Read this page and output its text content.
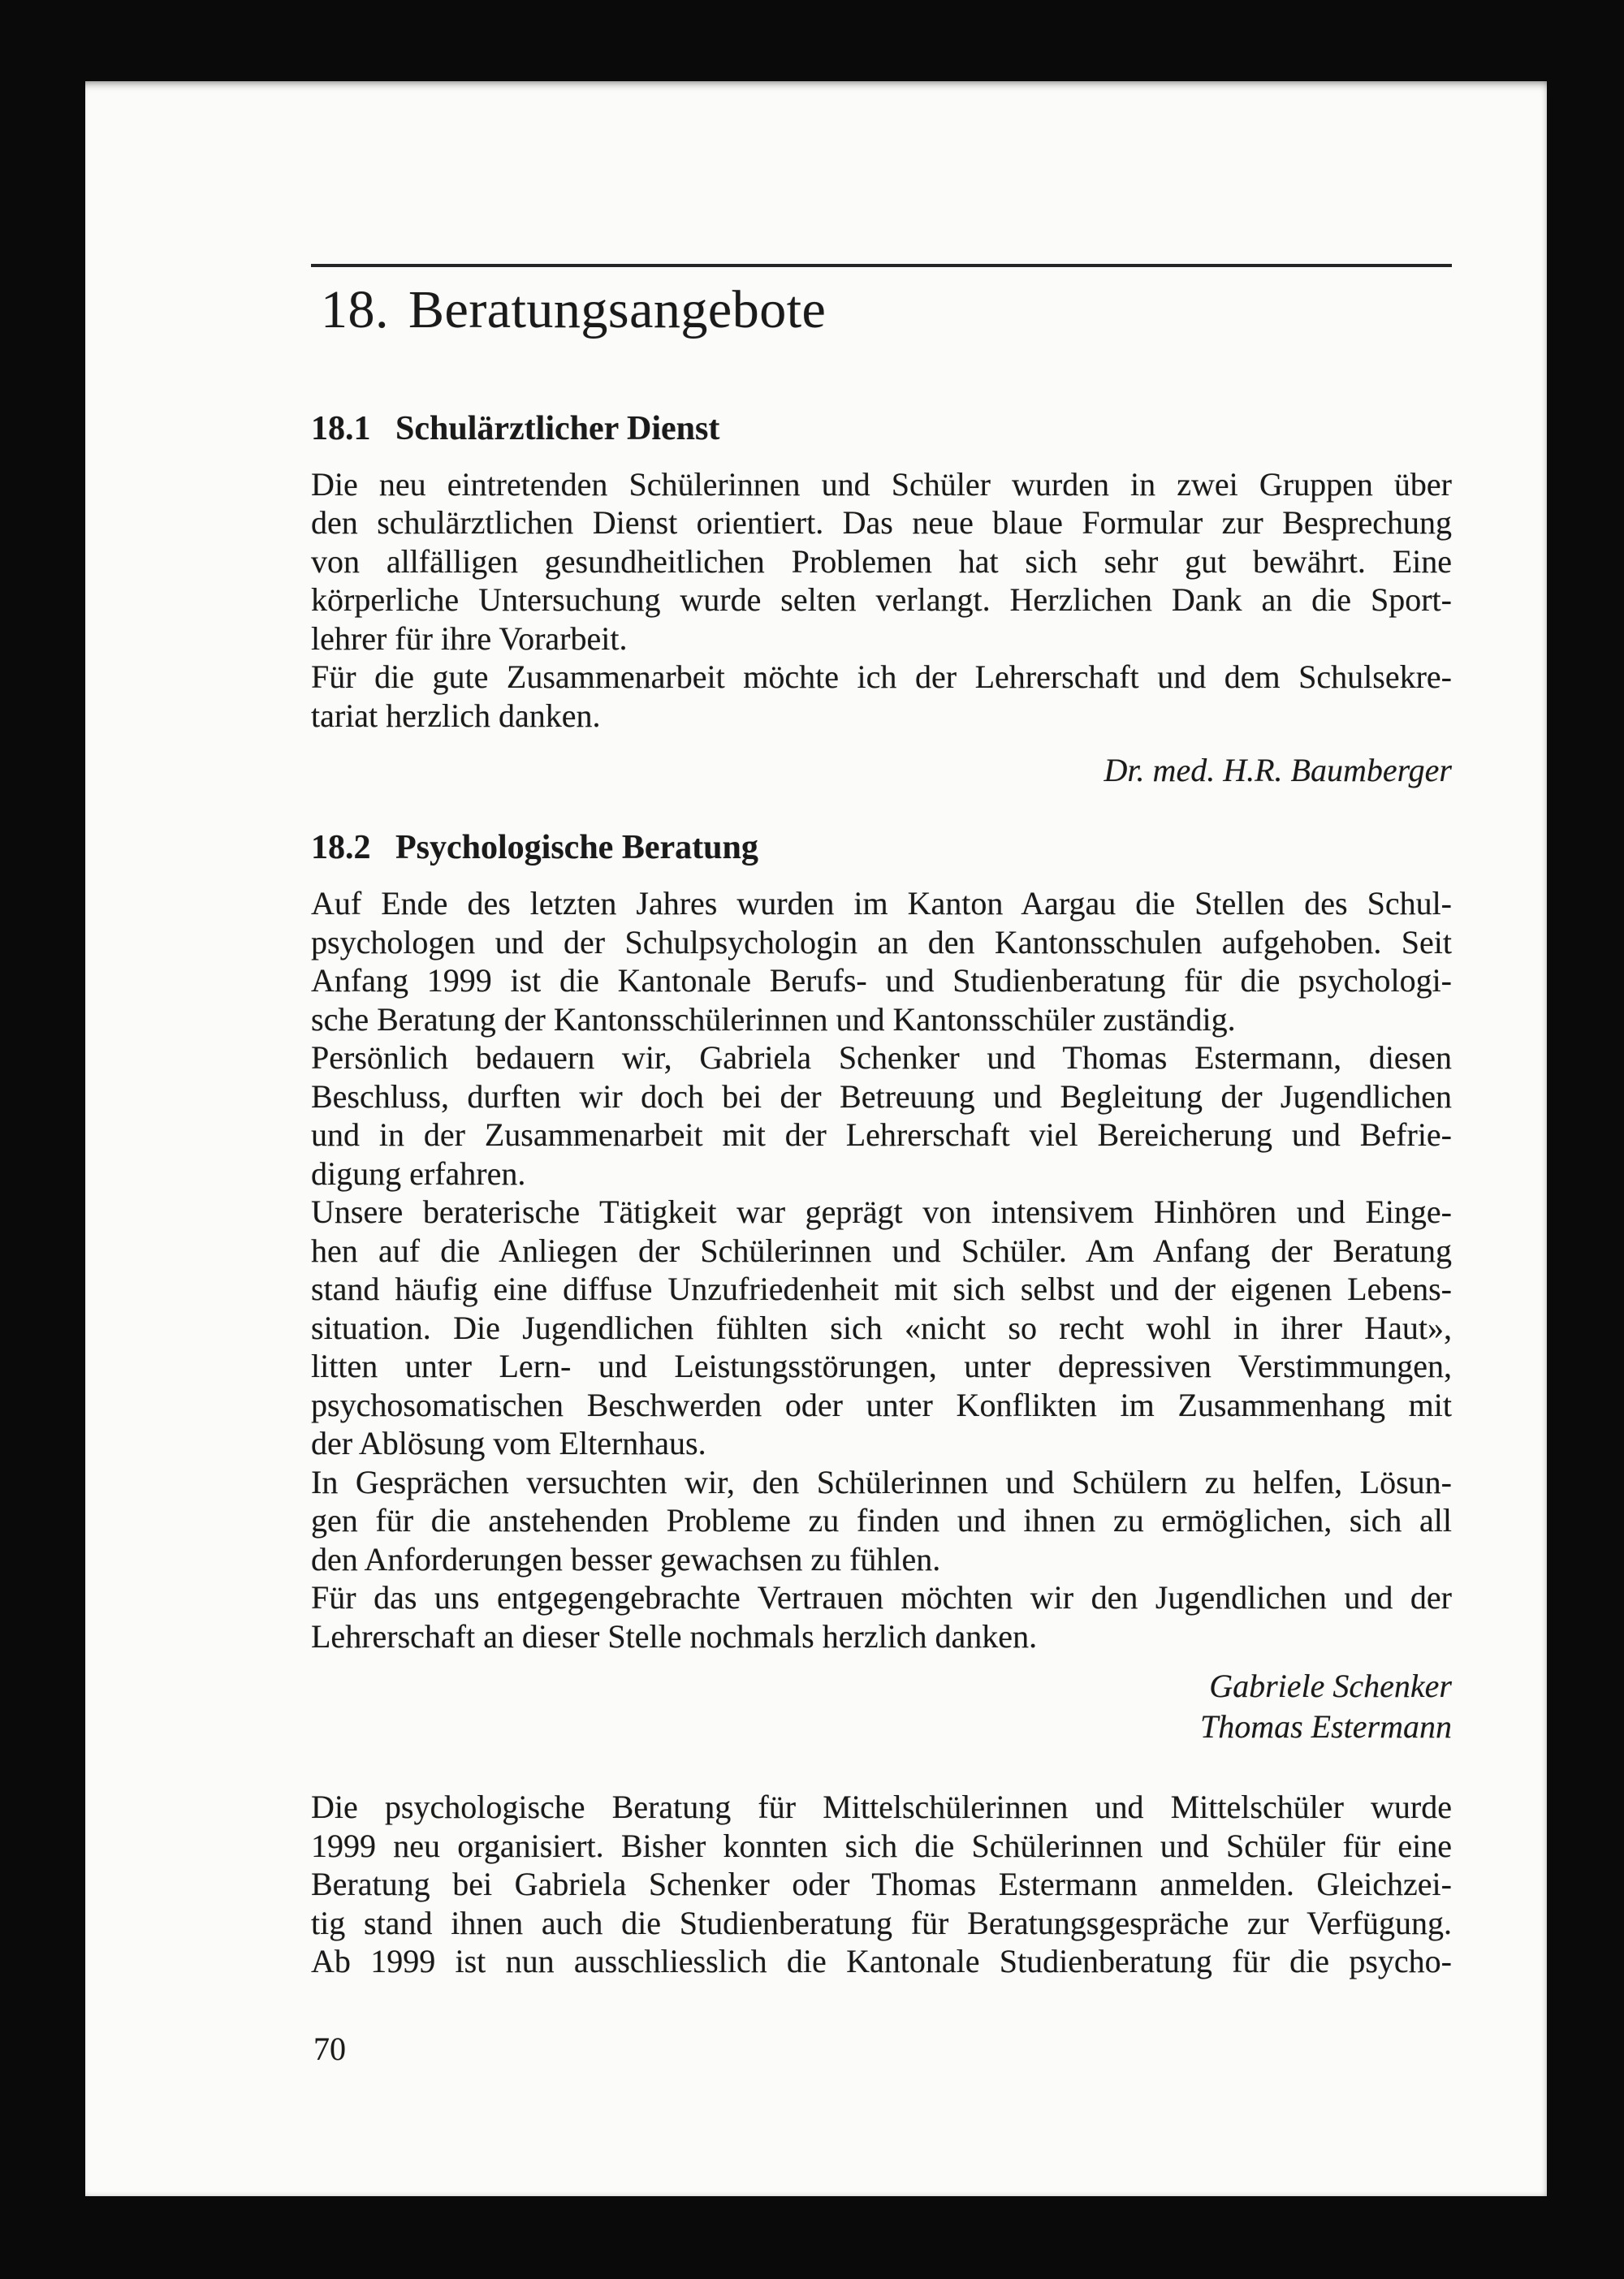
18. Beratungsangebote
18.1 Schulärztlicher Dienst
Die neu eintretenden Schülerinnen und Schüler wurden in zwei Gruppen über
den schulärztlichen Dienst orientiert. Das neue blaue Formular zur Besprechung
von allfälligen gesundheitlichen Problemen hat sich sehr gut bewährt. Eine
körperliche Untersuchung wurde selten verlangt. Herzlichen Dank an die Sport-
lehrer für ihre Vorarbeit.
Für die gute Zusammenarbeit möchte ich der Lehrerschaft und dem Schulsekre-
tariat herzlich danken.
Dr. med. H.R. Baumberger
18.2 Psychologische Beratung
Auf Ende des letzten Jahres wurden im Kanton Aargau die Stellen des Schul-
psychologen und der Schulpsychologin an den Kantonsschulen aufgehoben. Seit
Anfang 1999 ist die Kantonale Berufs- und Studienberatung für die psychologi-
sche Beratung der Kantonsschülerinnen und Kantonsschüler zuständig.
Persönlich bedauern wir, Gabriela Schenker und Thomas Estermann, diesen
Beschluss, durften wir doch bei der Betreuung und Begleitung der Jugendlichen
und in der Zusammenarbeit mit der Lehrerschaft viel Bereicherung und Befrie-
digung erfahren.
Unsere beraterische Tätigkeit war geprägt von intensivem Hinhören und Einge-
hen auf die Anliegen der Schülerinnen und Schüler. Am Anfang der Beratung
stand häufig eine diffuse Unzufriedenheit mit sich selbst und der eigenen Lebens-
situation. Die Jugendlichen fühlten sich «nicht so recht wohl in ihrer Haut»,
litten unter Lern- und Leistungsstörungen, unter depressiven Verstimmungen,
psychosomatischen Beschwerden oder unter Konflikten im Zusammenhang mit
der Ablösung vom Elternhaus.
In Gesprächen versuchten wir, den Schülerinnen und Schülern zu helfen, Lösun-
gen für die anstehenden Probleme zu finden und ihnen zu ermöglichen, sich all
den Anforderungen besser gewachsen zu fühlen.
Für das uns entgegengebrachte Vertrauen möchten wir den Jugendlichen und der
Lehrerschaft an dieser Stelle nochmals herzlich danken.
Gabriele Schenker
Thomas Estermann
Die psychologische Beratung für Mittelschülerinnen und Mittelschüler wurde
1999 neu organisiert. Bisher konnten sich die Schülerinnen und Schüler für eine
Beratung bei Gabriela Schenker oder Thomas Estermann anmelden. Gleichzei-
tig stand ihnen auch die Studienberatung für Beratungsgespräche zur Verfügung.
Ab 1999 ist nun ausschliesslich die Kantonale Studienberatung für die psycho-
70
